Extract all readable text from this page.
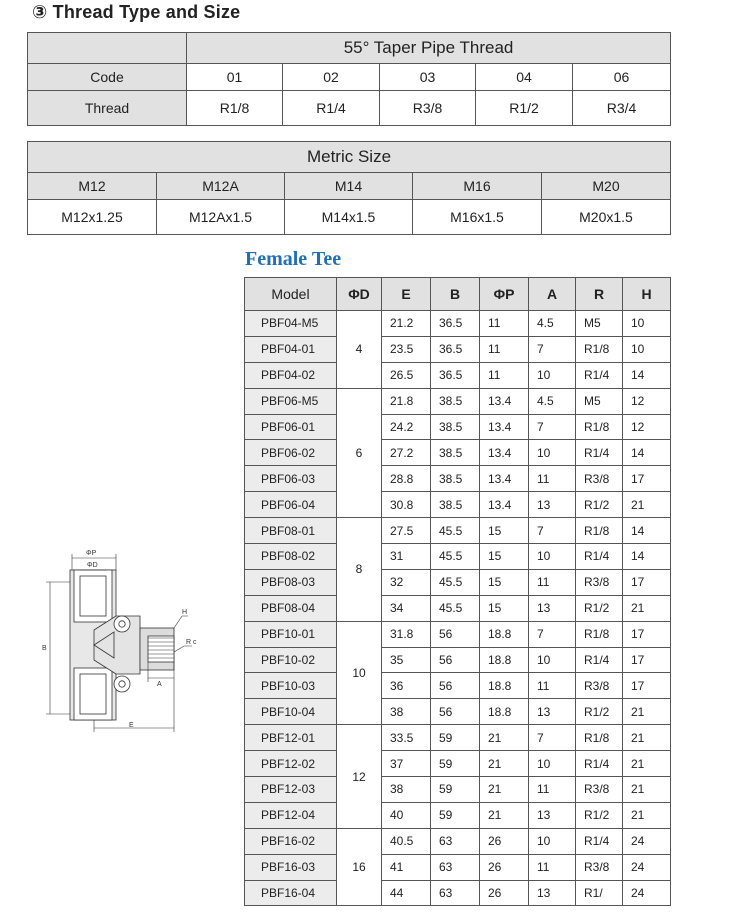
③ Thread Type and Size
	55° Taper Pipe Thread				
Code	01	02	03	04	06
Thread	R1/8	R1/4	R3/8	R1/2	R3/4
Metric Size				
M12	M12A	M14	M16	M20
M12x1.25	M12Ax1.5	M14x1.5	M16x1.5	M20x1.5
Female Tee
Model	ΦD	E	B	ΦP	A	R	H
PBF04-M5	4	21.2	36.5	11	4.5	M5	10
PBF04-01		23.5	36.5	11	7	R1/8	10
PBF04-02		26.5	36.5	11	10	R1/4	14
PBF06-M5	6	21.8	38.5	13.4	4.5	M5	12
PBF06-01		24.2	38.5	13.4	7	R1/8	12
PBF06-02		27.2	38.5	13.4	10	R1/4	14
PBF06-03		28.8	38.5	13.4	11	R3/8	17
PBF06-04		30.8	38.5	13.4	13	R1/2	21
PBF08-01	8	27.5	45.5	15	7	R1/8	14
PBF08-02		31	45.5	15	10	R1/4	14
PBF08-03		32	45.5	15	11	R3/8	17
PBF08-04		34	45.5	15	13	R1/2	21
PBF10-01	10	31.8	56	18.8	7	R1/8	17
PBF10-02		35	56	18.8	10	R1/4	17
PBF10-03		36	56	18.8	11	R3/8	17
PBF10-04		38	56	18.8	13	R1/2	21
PBF12-01	12	33.5	59	21	7	R1/8	21
PBF12-02		37	59	21	10	R1/4	21
PBF12-03		38	59	21	11	R3/8	21
PBF12-04		40	59	21	13	R1/2	21
PBF16-02	16	40.5	63	26	10	R1/4	24
PBF16-03		41	63	26	11	R3/8	24
PBF16-04		44	63	26	13	R1/	24
ΦP
ΦD
H
R c
B
A
E
